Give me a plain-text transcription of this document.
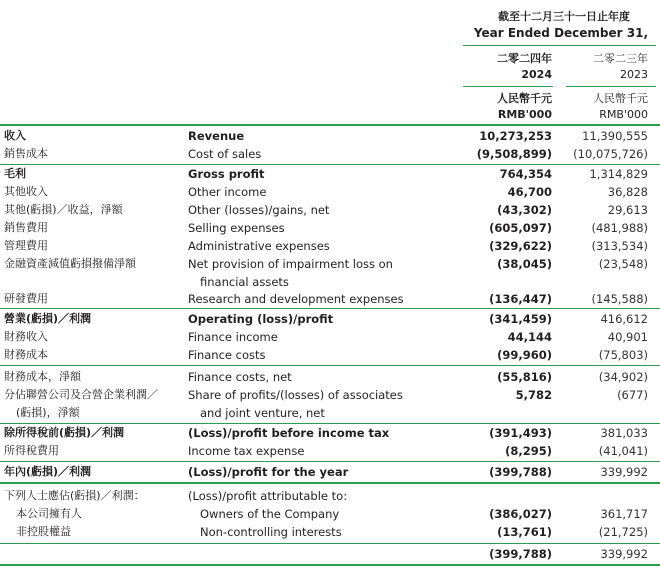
截至十二月三十一日止年度
Year Ended December 31,
二零二四年	二零二三年
2024	2023
人民幣千元	人民幣千元
RMB'000	RMB'000
收入	Revenue	10,273,253	11,390,555
銷售成本	Cost of sales	(9,508,899) (10,075,726)
毛利	Gross profit	764,354	1,314,829
其他收入	Other income	46,700	36,828
其他(虧損)／收益，淨額	Other (losses)/gains, net	(43,302)	29,613
銷售費用	Selling expenses	(605,097)	(481,988)
管理費用	Administrative expenses	(329,622)	(313,534)
金融資產減值虧損撥備淨額	Net provision of impairment loss on	(38,045)	(23,548)
financial assets
研發費用	Research and development expenses	(136,447)	(145,588)
營業(虧損)／利潤	Operating (loss)/profit	(341,459)	416,612
財務收入	Finance income	44,144	40,901
財務成本	Finance costs	(99,960)	(75,803)
財務成本，淨額	Finance costs, net	(55,816)	(34,902)
分佔聯營公司及合營企業利潤／	Share of profits/(losses) of associates	5,782	(677)
and joint venture, net
(虧損)，淨額
除所得稅前(虧損)／利潤	(Loss)/profit before income tax	(391,493)	381,033
所得稅費用	Income tax expense	(8,295)	(41,041)
年內(虧損)／利潤	(Loss)/profit for the year	(399,788)	339,992
下列人士應佔(虧損)／利潤：	(Loss)/profit attributable to:
本公司擁有人	Owners of the Company	(386,027)	361,717
非控股權益	Non-controlling interests	(13,761)	(21,725)
(399,788)	339,992
